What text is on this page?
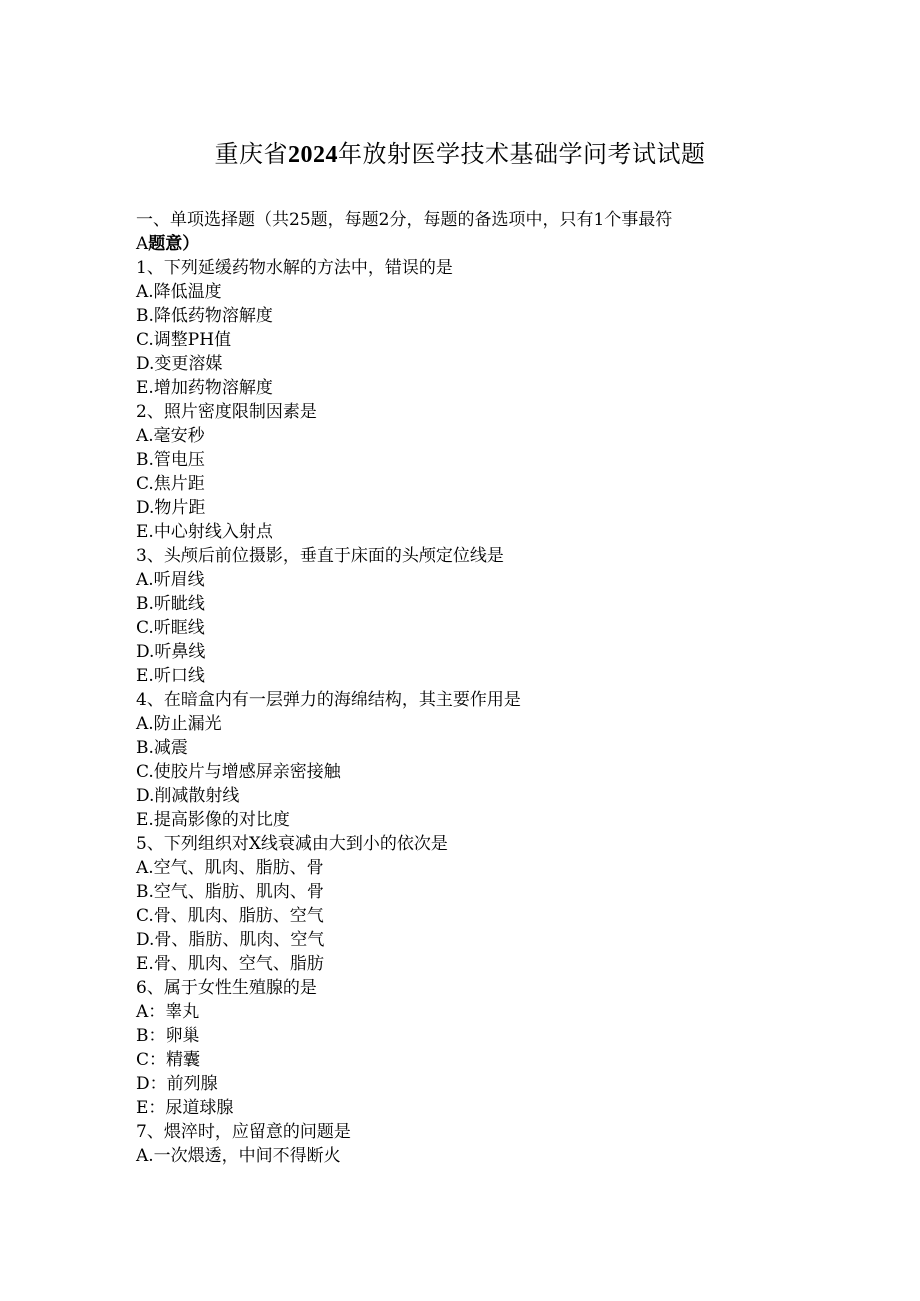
重庆省2024年放射医学技术基础学问考试试题
一、单项选择题（共25题，每题2分，每题的备选项中，只有1个事最符
A题意）
1、下列延缓药物水解的方法中，错误的是
A.降低温度
B.降低药物溶解度
C.调整PH值
D.变更溶媒
E.增加药物溶解度
2、照片密度限制因素是
A.毫安秒
B.管电压
C.焦片距
D.物片距
E.中心射线入射点
3、头颅后前位摄影，垂直于床面的头颅定位线是
A.听眉线
B.听眦线
C.听眶线
D.听鼻线
E.听口线
4、在暗盒内有一层弹力的海绵结构，其主要作用是
A.防止漏光
B.减震
C.使胶片与增感屏亲密接触
D.削减散射线
E.提高影像的对比度
5、下列组织对X线衰减由大到小的依次是
A.空气、肌肉、脂肪、骨
B.空气、脂肪、肌肉、骨
C.骨、肌肉、脂肪、空气
D.骨、脂肪、肌肉、空气
E.骨、肌肉、空气、脂肪
6、属于女性生殖腺的是
A：睾丸
B：卵巢
C：精囊
D：前列腺
E：尿道球腺
7、煨淬时，应留意的问题是
A.一次煨透，中间不得断火
